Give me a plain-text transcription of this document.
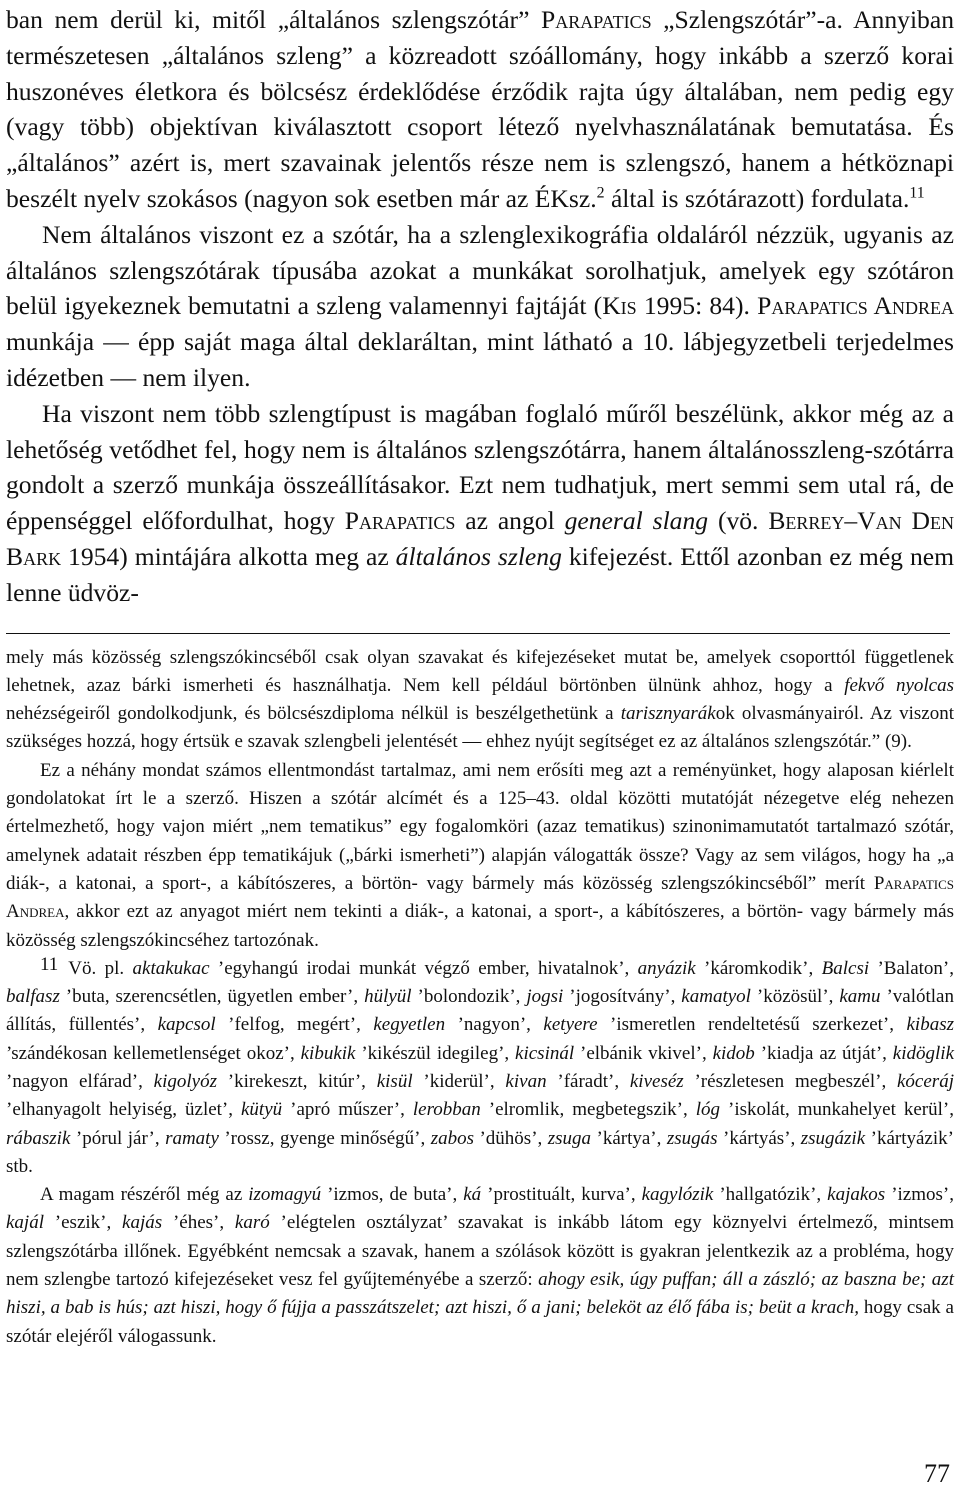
ban nem derül ki, mitől „általános szlengszótár” Parapatics „Szlengszótár”-a. Annyiban természetesen „általános szleng” a közreadott szóállomány, hogy inkább a szerző korai huszonéves életkora és bölcsész érdeklődése érződik rajta úgy általában, nem pedig egy (vagy több) objektívan kiválasztott csoport létező nyelvhasználatának bemutatása. És „általános” azért is, mert szavainak jelentős része nem is szlengszó, hanem a hétköznapi beszélt nyelv szokásos (nagyon sok esetben már az ÉKsz.$^2$ által is szótárazott) fordulata.$^{11}$

Nem általános viszont ez a szótár, ha a szlenglexikográfia oldaláról nézzük, ugyanis az általános szlengszótárak típusába azokat a munkákat sorolhatjuk, amelyek egy szótáron belül igyekeznek bemutatni a szleng valamennyi fajtáját (Kis 1995: 84). Parapatics Andrea munkája — épp saját maga által deklaráltan, mint látható a 10. lábjegyzetbeli terjedelmes idézetben — nem ilyen.

Ha viszont nem több szlengtípust is magában foglaló műről beszélünk, akkor még az a lehetőség vetődhet fel, hogy nem is általános szlengszótárra, hanem általánosszleng-szótárra gondolt a szerző munkája összeállításakor. Ezt nem tudhatjuk, mert semmi sem utal rá, de éppenséggel előfordulhat, hogy Parapatics az angol general slang (vö. Berrey–Van Den Bark 1954) mintájára alkotta meg az általános szleng kifejezést. Ettől azonban ez még nem lenne üdvöz-

mely más közösség szlengszókincséből csak olyan szavakat és kifejezéseket mutat be, amelyek csoporttól függetlenek lehetnek, azaz bárki ismerheti és használhatja. Nem kell például börtönben ülnünk ahhoz, hogy a fekvő nyolcas nehézségeiről gondolkodjunk, és bölcsészdiploma nélkül is beszélgethetünk a tarisznyarákok olvasmányairól. Az viszont szükséges hozzá, hogy értsük e szavak szlengbeli jelentését — ehhez nyújt segítséget ez az általános szlengszótár.” (9).

Ez a néhány mondat számos ellentmondást tartalmaz, ami nem erősíti meg azt a reményünket, hogy alaposan kiérlelt gondolatokat írt le a szerző. Hiszen a szótár alcímét és a 125–43. oldal közötti mutatóját nézegetve elég nehezen értelmezhető, hogy vajon miért „nem tematikus” egy fogalomköri (azaz tematikus) szinonimamutatót tartalmazó szótár, amelynek adatait részben épp tematikájuk („bárki ismerheti”) alapján válogatták össze? Vagy az sem világos, hogy ha „a diák-, a katonai, a sport-, a kábítószeres, a börtön- vagy bármely más közösség szlengszókincséből” merít Parapatics Andrea, akkor ezt az anyagot miért nem tekinti a diák-, a katonai, a sport-, a kábítószeres, a börtön- vagy bármely más közösség szlengszókincséhez tartozónak.

11 Vö. pl. aktakukac ’egyhangú irodai munkát végző ember, hivatalnok’, anyázik ’káromkodik’, Balcsi ’Balaton’, balfasz ’buta, szerencsétlen, ügyetlen ember’, hülyül ’bolondozik’, jogsi ’jogosítvány’, kamatyol ’közösül’, kamu ’valótlan állítás, füllentés’, kapcsol ’felfog, megért’, kegyetlen ’nagyon’, ketyere ’ismeretlen rendeltetésű szerkezet’, kibasz ’szándékosan kellemetlenséget okoz’, kibukik ’kikészül idegileg’, kicsinál ’elbánik vkivel’, kidob ’kiadja az útját’, kidöglik ’nagyon elfárad’, kigolyóz ’kirekeszt, kitúr’, kisül ’kiderül’, kivan ’fáradt’, kiveséz ’részletesen megbeszél’, kóceráj ’elhanyagolt helyiség, üzlet’, kütyü ’apró műszer’, lerobban ’elromlik, megbetegszik’, lóg ’iskolát, munkahelyet kerül’, rábaszik ’pórul jár’, ramaty ’rossz, gyenge minőségű’, zabos ’dühös’, zsuga ’kártya’, zsugás ’kártyás’, zsugázik ’kártyázik’ stb.

A magam részéről még az izomagyú ’izmos, de buta’, ká ’prostituált, kurva’, kagylózik ’hallgatózik’, kajakos ’izmos’, kajál ’eszik’, kajás ’éhes’, karó ’elégtelen osztályzat’ szavakat is inkább látom egy köznyelvi értelmező, mintsem szlengszótárba illőnek. Egyébként nemcsak a szavak, hanem a szólások között is gyakran jelentkezik az a probléma, hogy nem szlengbe tartozó kifejezéseket vesz fel gyűjteményébe a szerző: ahogy esik, úgy puffan; áll a zászló; az baszna be; azt hiszi, a bab is hús; azt hiszi, hogy ő fújja a passzátszelet; azt hiszi, ő a jani; beleköt az élő fába is; beüt a krach, hogy csak a szótár elejéről válogassunk.

77
